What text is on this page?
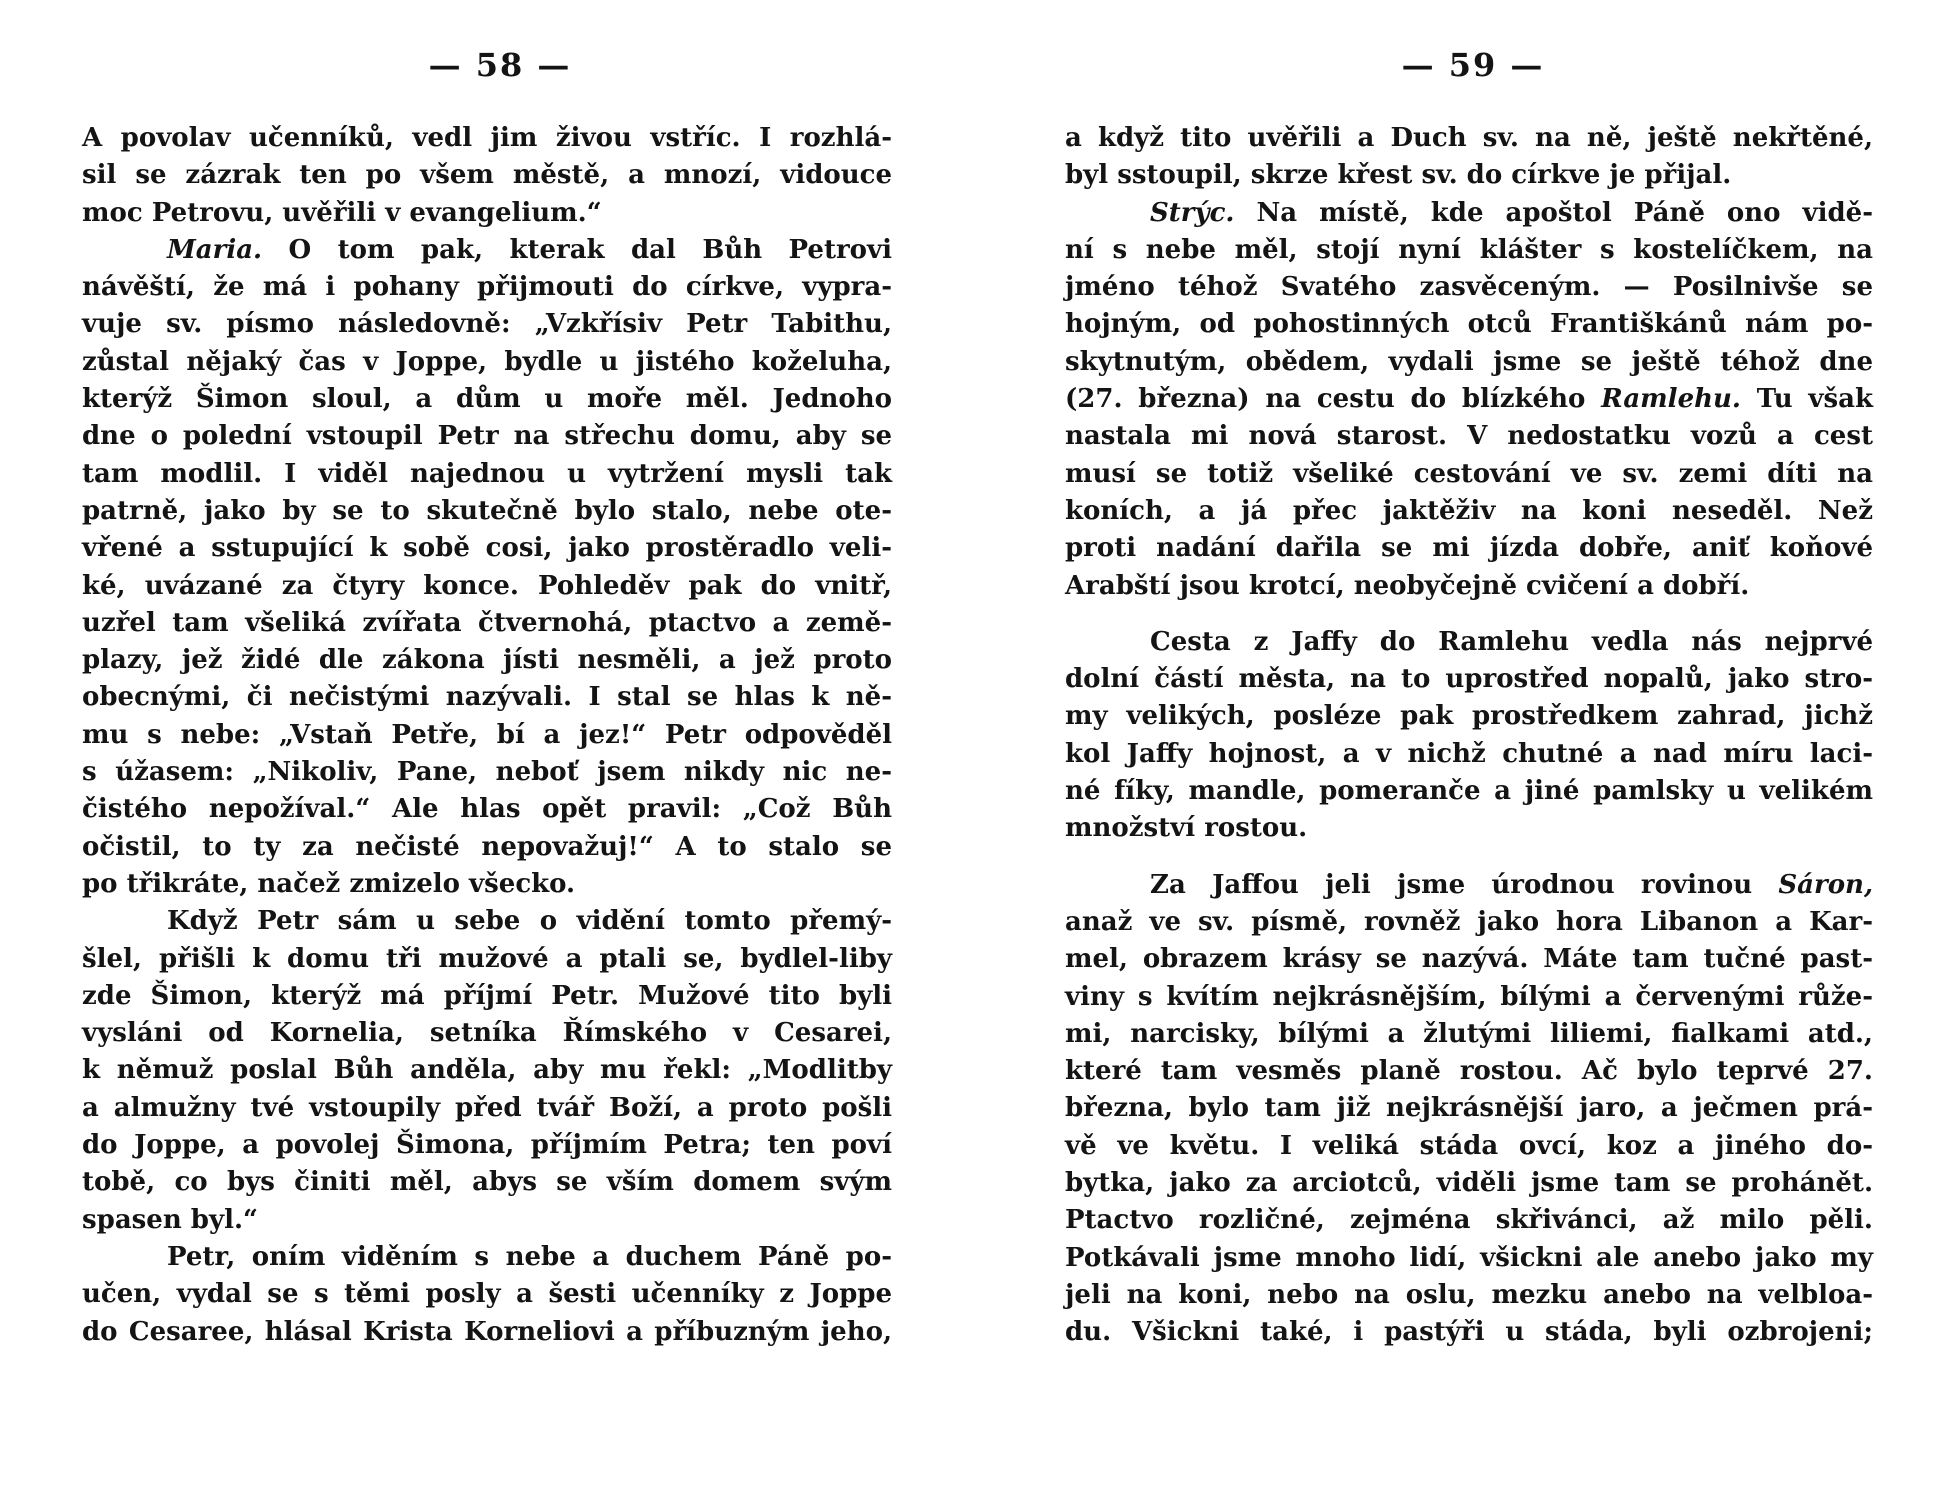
— 58 —
A povolav učenníků, vedl jim živou vstříc. I rozhlá-
sil se zázrak ten po všem městě, a mnozí, vidouce
moc Petrovu, uvěřili v evangelium.“
Maria. O tom pak, kterak dal Bůh Petrovi
návěští, že má i pohany přijmouti do církve, vypra-
vuje sv. písmo následovně: „Vzkřísiv Petr Tabithu,
zůstal nějaký čas v Joppe, bydle u jistého koželuha,
kterýž Šimon sloul, a dům u moře měl. Jednoho
dne o polední vstoupil Petr na střechu domu, aby se
tam modlil. I viděl najednou u vytržení mysli tak
patrně, jako by se to skutečně bylo stalo, nebe ote-
vřené a sstupující k sobě cosi, jako prostěradlo veli-
ké, uvázané za čtyry konce. Pohleděv pak do vnitř,
uzřel tam všeliká zvířata čtvernohá, ptactvo a země-
plazy, jež židé dle zákona jísti nesměli, a jež proto
obecnými, či nečistými nazývali. I stal se hlas k ně-
mu s nebe: „Vstaň Petře, bí a jez!“ Petr odpověděl
s úžasem: „Nikoliv, Pane, neboť jsem nikdy nic ne-
čistého nepožíval.“ Ale hlas opět pravil: „Což Bůh
očistil, to ty za nečisté nepovažuj!“ A to stalo se
po třikráte, načež zmizelo všecko.
Když Petr sám u sebe o vidění tomto přemý-
šlel, přišli k domu tři mužové a ptali se, bydlel-liby
zde Šimon, kterýž má příjmí Petr. Mužové tito byli
vysláni od Kornelia, setníka Římského v Cesarei,
k němuž poslal Bůh anděla, aby mu řekl: „Modlitby
a almužny tvé vstoupily před tvář Boží, a proto pošli
do Joppe, a povolej Šimona, příjmím Petra; ten poví
tobě, co bys činiti měl, abys se vším domem svým
spasen byl.“
Petr, oním viděním s nebe a duchem Páně po-
učen, vydal se s těmi posly a šesti učenníky z Joppe
do Cesaree, hlásal Krista Korneliovi a příbuzným jeho,
— 59 —
a když tito uvěřili a Duch sv. na ně, ještě nekřtěné,
byl sstoupil, skrze křest sv. do církve je přijal.
Strýc. Na místě, kde apoštol Páně ono vidě-
ní s nebe měl, stojí nyní klášter s kostelíčkem, na
jméno téhož Svatého zasvěceným. — Posilnivše se
hojným, od pohostinných otců Františkánů nám po-
skytnutým, obědem, vydali jsme se ještě téhož dne
(27. března) na cestu do blízkého Ramlehu. Tu však
nastala mi nová starost. V nedostatku vozů a cest
musí se totiž všeliké cestování ve sv. zemi díti na
koních, a já přec jaktěživ na koni neseděl. Než
proti nadání dařila se mi jízda dobře, aniť koňové
Arabští jsou krotcí, neobyčejně cvičení a dobří.
Cesta z Jaffy do Ramlehu vedla nás nejprvé
dolní částí města, na to uprostřed nopalů, jako stro-
my velikých, posléze pak prostředkem zahrad, jichž
kol Jaffy hojnost, a v nichž chutné a nad míru laci-
né fíky, mandle, pomeranče a jiné pamlsky u velikém
množství rostou.
Za Jaffou jeli jsme úrodnou rovinou Sáron,
anaž ve sv. písmě, rovněž jako hora Libanon a Kar-
mel, obrazem krásy se nazývá. Máte tam tučné past-
viny s kvítím nejkrásnějším, bílými a červenými růže-
mi, narcisky, bílými a žlutými liliemi, fialkami atd.,
které tam vesměs planě rostou. Ač bylo teprvé 27.
března, bylo tam již nejkrásnější jaro, a ječmen prá-
vě ve květu. I veliká stáda ovcí, koz a jiného do-
bytka, jako za arciotců, viděli jsme tam se prohánět.
Ptactvo rozličné, zejména skřivánci, až milo pěli.
Potkávali jsme mnoho lidí, všickni ale anebo jako my
jeli na koni, nebo na oslu, mezku anebo na velbloa-
du. Všickni také, i pastýři u stáda, byli ozbrojeni;
